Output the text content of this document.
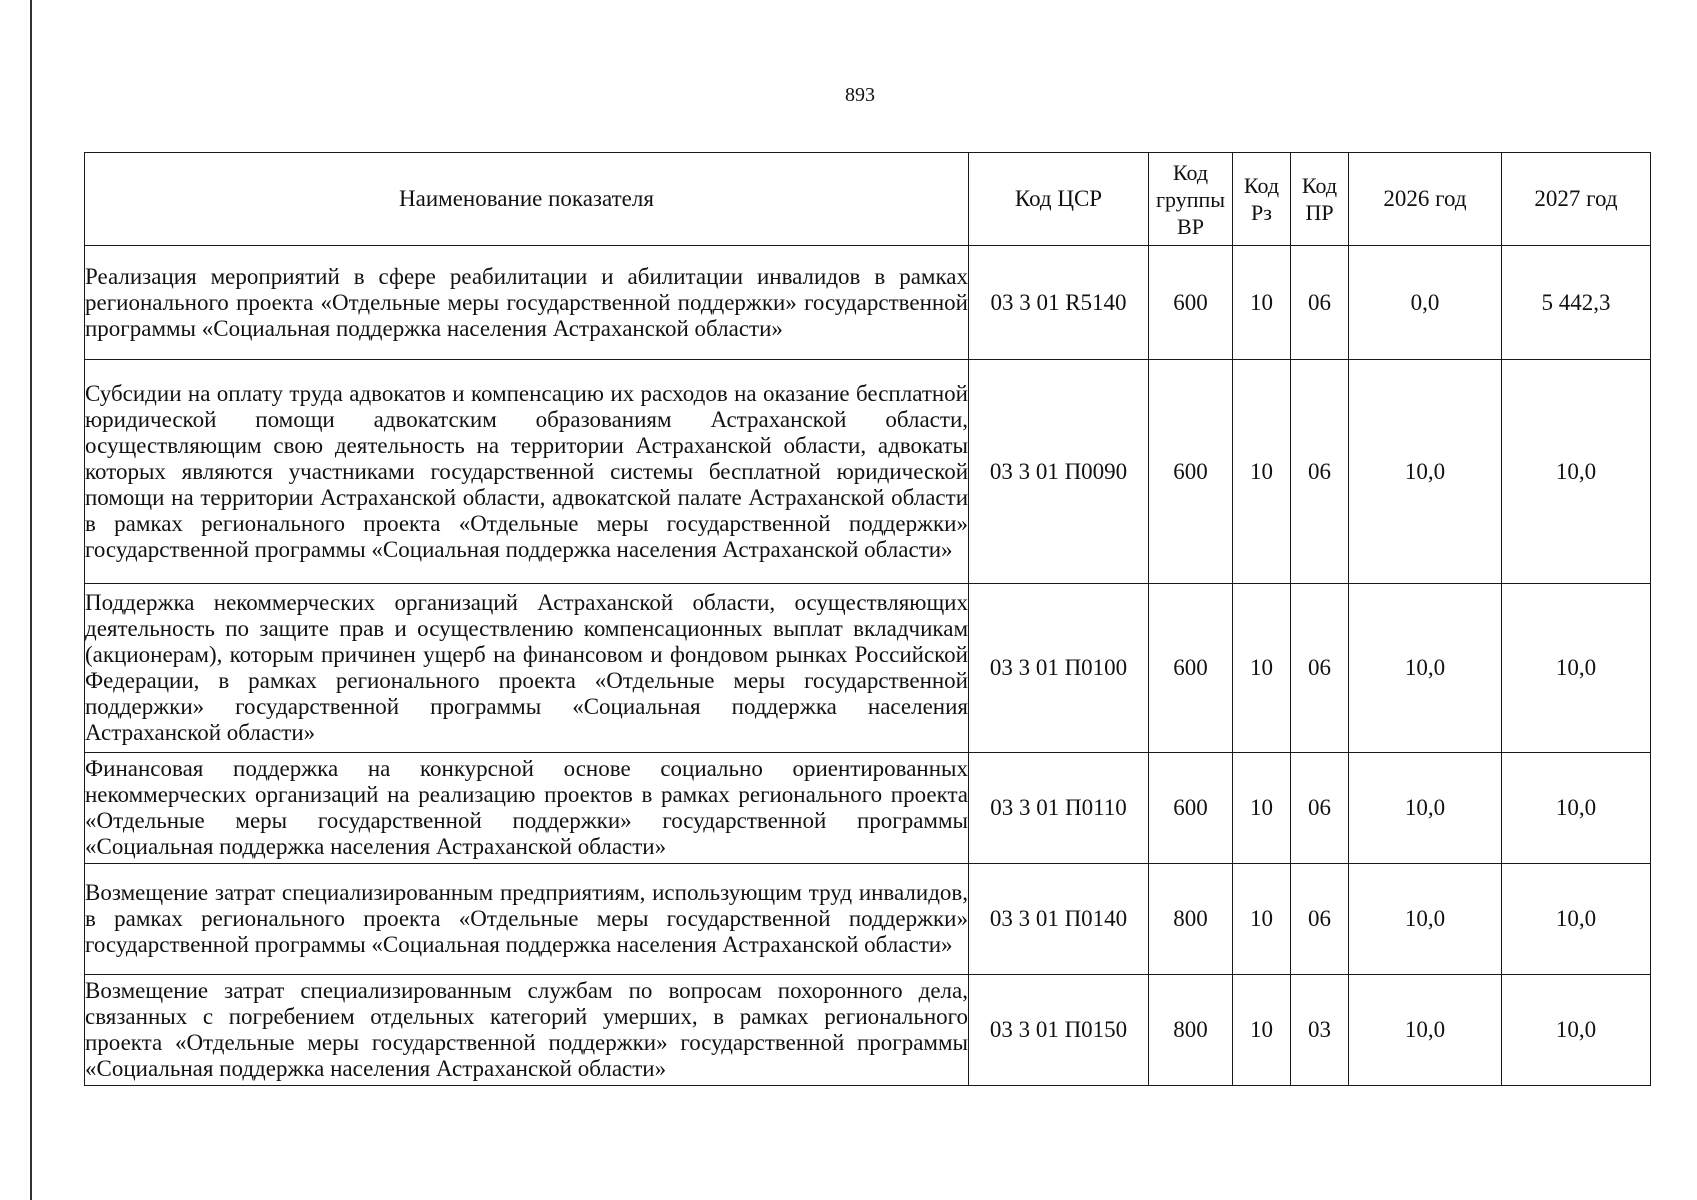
893
Наименование показателя	Код ЦСР	Код группы ВР	Код Рз	Код ПР	2026 год	2027 год
Реализация мероприятий в сфере реабилитации и абилитации инвалидов в рамках регионального проекта «Отдельные меры государственной поддержки» государственной программы «Социальная поддержка населения Астраханской области»	03 3 01 R5140	600	10	06	0,0	5 442,3
Субсидии на оплату труда адвокатов и компенсацию их расходов на оказание бесплатной юридической помощи адвокатским образованиям Астраханской области, осуществляющим свою деятельность на территории Астраханской области, адвокаты которых являются участниками государственной системы бесплатной юридической помощи на территории Астраханской области, адвокатской палате Астраханской области в рамках регионального проекта «Отдельные меры государственной поддержки» государственной программы «Социальная поддержка населения Астраханской области»	03 3 01 П0090	600	10	06	10,0	10,0
Поддержка некоммерческих организаций Астраханской области, осуществляющих деятельность по защите прав и осуществлению компенсационных выплат вкладчикам (акционерам), которым причинен ущерб на финансовом и фондовом рынках Российской Федерации, в рамках регионального проекта «Отдельные меры государственной поддержки» государственной программы «Социальная поддержка населения Астраханской области»	03 3 01 П0100	600	10	06	10,0	10,0
Финансовая поддержка на конкурсной основе социально ориентированных некоммерческих организаций на реализацию проектов в рамках регионального проекта «Отдельные меры государственной поддержки» государственной программы «Социальная поддержка населения Астраханской области»	03 3 01 П0110	600	10	06	10,0	10,0
Возмещение затрат специализированным предприятиям, использующим труд инвалидов, в рамках регионального проекта «Отдельные меры государственной поддержки» государственной программы «Социальная поддержка населения Астраханской области»	03 3 01 П0140	800	10	06	10,0	10,0
Возмещение затрат специализированным службам по вопросам похоронного дела, связанных с погребением отдельных категорий умерших, в рамках регионального проекта «Отдельные меры государственной поддержки» государственной программы «Социальная поддержка населения Астраханской области»	03 3 01 П0150	800	10	03	10,0	10,0
